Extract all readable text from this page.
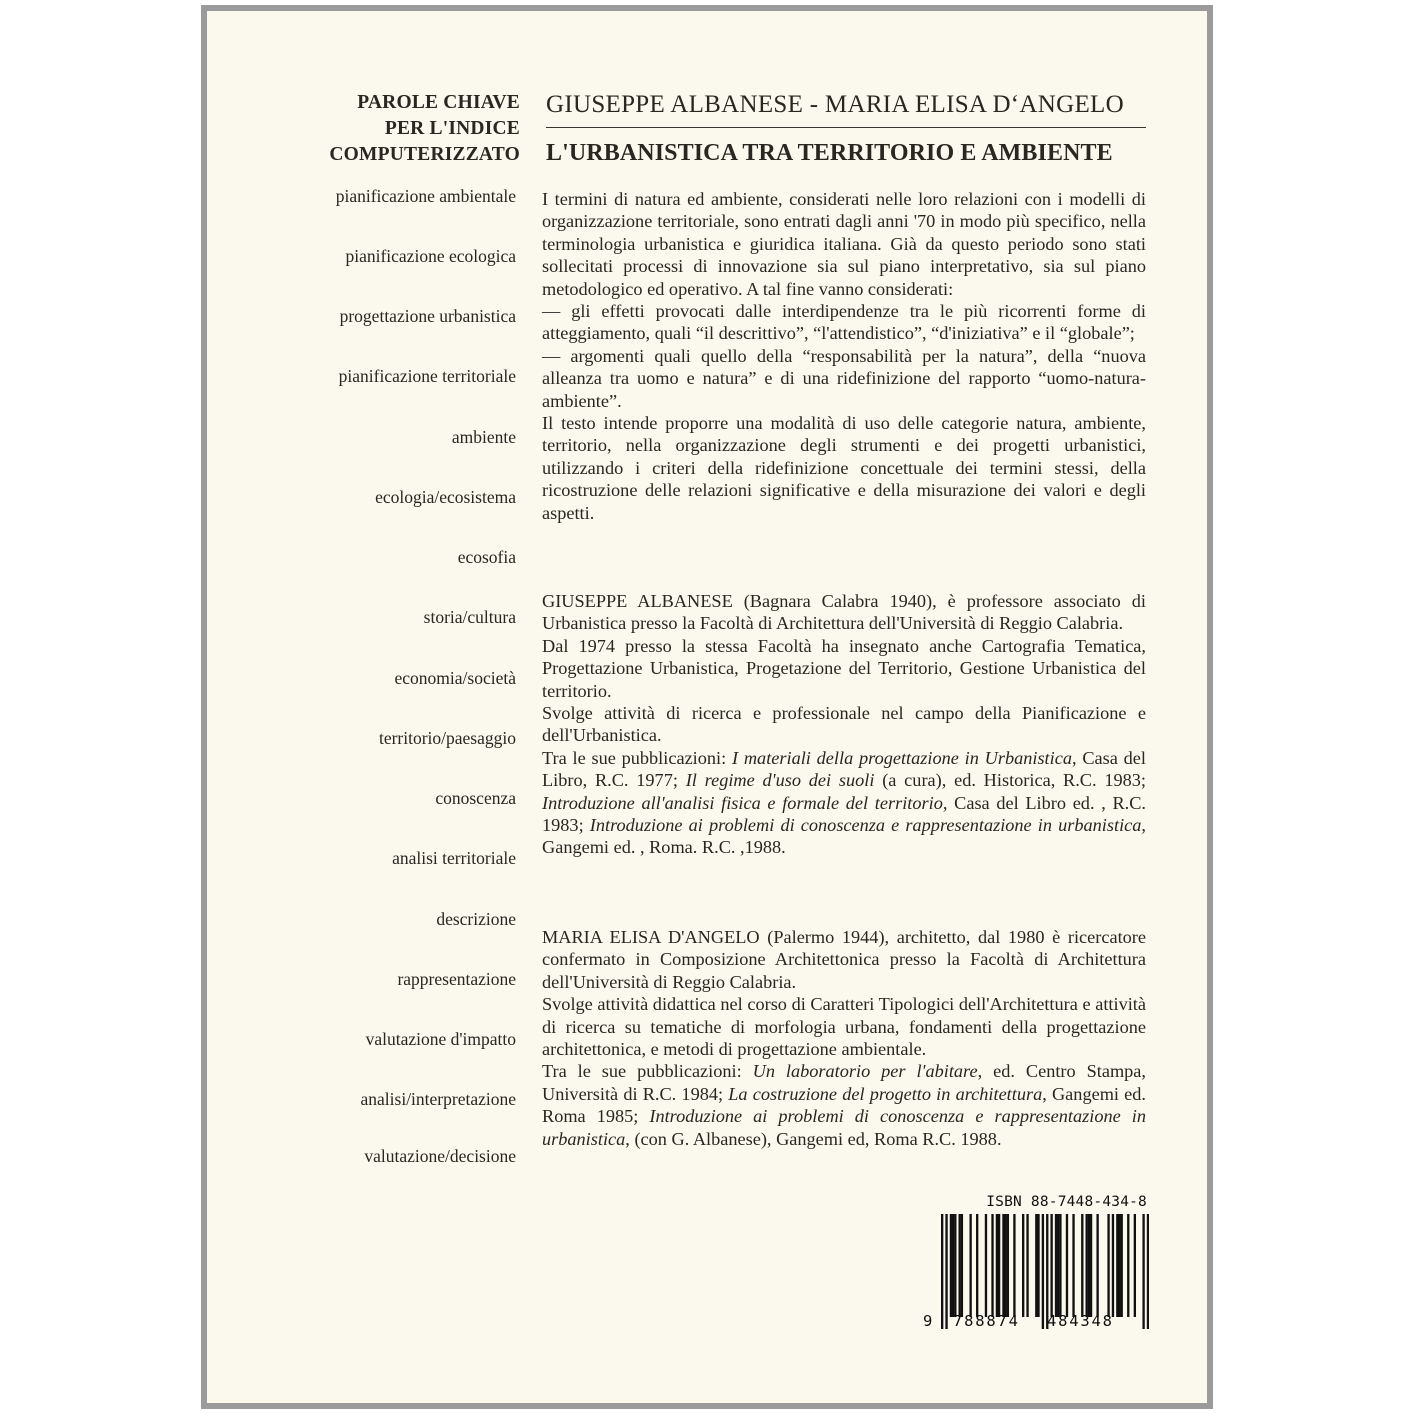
PAROLE CHIAVE
PER L'INDICE
COMPUTERIZZATO
pianificazione ambientale
pianificazione ecologica
progettazione urbanistica
pianificazione territoriale
ambiente
ecologia/ecosistema
ecosofia
storia/cultura
economia/società
territorio/paesaggio
conoscenza
analisi territoriale
descrizione
rappresentazione
valutazione d'impatto
analisi/interpretazione
valutazione/decisione
GIUSEPPE ALBANESE - MARIA ELISA D‘ANGELO
L'URBANISTICA TRA TERRITORIO E AMBIENTE

I termini di natura ed ambiente, considerati nelle loro relazioni con i modelli di organizzazione territoriale, sono entrati dagli anni '70 in modo più specifico, nella terminologia urbanistica e giuridica italiana. Già da questo periodo sono stati sollecitati processi di innovazione sia sul piano interpretativo, sia sul piano metodologico ed operativo. A tal fine vanno considerati:

— gli effetti provocati dalle interdipendenze tra le più ricorrenti forme di atteggiamento, quali “il descrittivo”, “l'attendistico”, “d'iniziativa” e il “globale”;

— argomenti quali quello della “responsabilità per la natura”, della “nuova alleanza tra uomo e natura” e di una ridefinizione del rapporto “uomo-natura-ambiente”.

Il testo intende proporre una modalità di uso delle categorie natura, ambiente, territorio, nella organizzazione degli strumenti e dei progetti urbanistici, utilizzando i criteri della ridefinizione concettuale dei termini stessi, della ricostruzione delle relazioni significative e della misurazione dei valori e degli aspetti.

GIUSEPPE ALBANESE (Bagnara Calabra 1940), è professore associato di Urbanistica presso la Facoltà di Architettura dell'Università di Reggio Calabria.

Dal 1974 presso la stessa Facoltà ha insegnato anche Cartografia Tematica, Progettazione Urbanistica, Progetazione del Territorio, Gestione Urbanistica del territorio.

Svolge attività di ricerca e professionale nel campo della Pianificazione e dell'Urbanistica.

Tra le sue pubblicazioni: I materiali della progettazione in Urbanistica, Casa del Libro, R.C. 1977; Il regime d'uso dei suoli (a cura), ed. Historica, R.C. 1983; Introduzione all'analisi fisica e formale del territorio, Casa del Libro ed. , R.C. 1983; Introduzione ai problemi di conoscenza e rappresentazione in urbanistica, Gangemi ed. , Roma. R.C. ,1988.

MARIA ELISA D'ANGELO (Palermo 1944), architetto, dal 1980 è ricercatore confermato in Composizione Architettonica presso la Facoltà di Architettura dell'Università di Reggio Calabria.

Svolge attività didattica nel corso di Caratteri Tipologici dell'Architettura e attività di ricerca su tematiche di morfologia urbana, fondamenti della progettazione architettonica, e metodi di progettazione ambientale.

Tra le sue pubblicazioni: Un laboratorio per l'abitare, ed. Centro Stampa, Università di R.C. 1984; La costruzione del progetto in architettura, Gangemi ed. Roma 1985; Introduzione ai problemi di conoscenza e rappresentazione in urbanistica, (con G. Albanese), Gangemi ed, Roma R.C. 1988.

ISBN 88-7448-434-8
9 788874 484348
